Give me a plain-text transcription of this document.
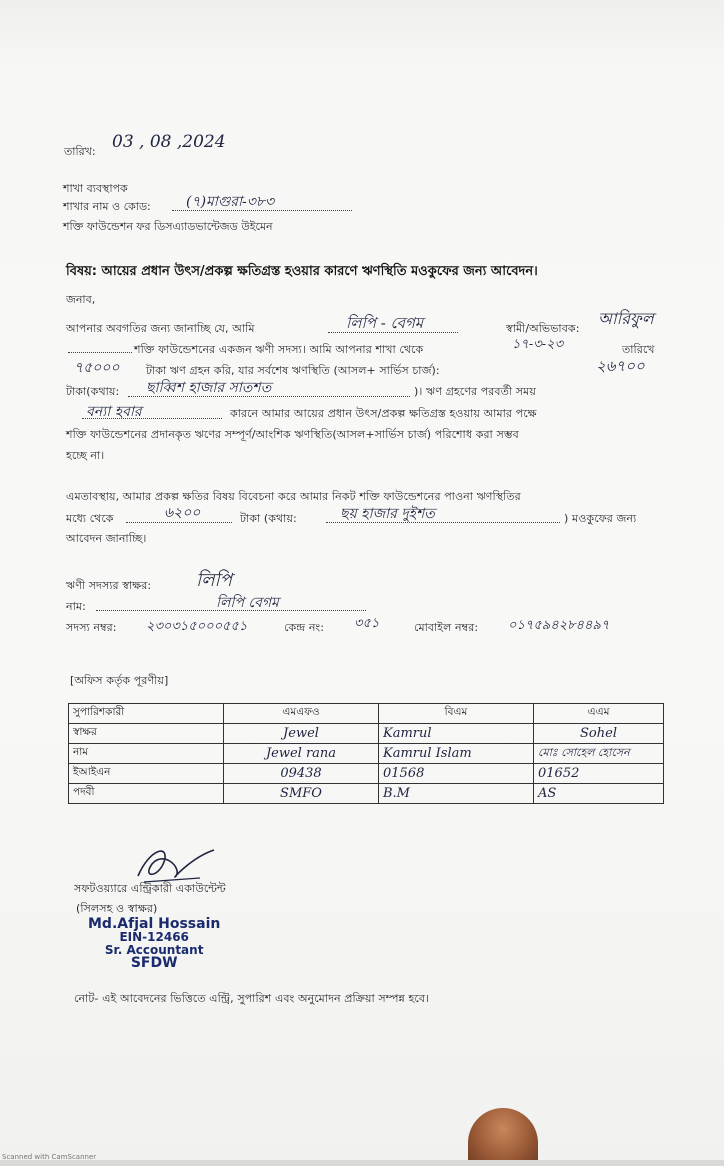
তারিখ: 03 , 08 ,2024
শাখা ব্যবস্থাপক
শাখার নাম ও কোড:	(৭)মাগুরা-৩৮৩
শক্তি ফাউন্ডেশন ফর ডিসএ্যাডভান্টেজড উইমেন
বিষয়: আয়ের প্রধান উৎস/প্রকল্প ক্ষতিগ্রস্ত হওয়ার কারণে ঋণস্থিতি মওকুফের জন্য আবেদন।
জনাব,
আপনার অবগতির জন্য জানাচ্ছি যে, আমি	লিপি - বেগম	স্বামী/অভিভাবক:
আরিফুল
শক্তি ফাউন্ডেশনের একজন ঋণী সদস্য। আমি আপনার শাখা থেকে	১৭-৩-২৩	তারিখে
৭৫০০০ টাকা ঋণ গ্রহন করি, যার সর্বশেষ ঋণস্থিতি (আসল+ সার্ভিস চার্জ):	২৬৭০০
টাকা(কথায়: ছাব্বিশ হাজার সাতশত	)। ঋণ গ্রহণের পরবর্তী সময়
বন্যা হবার	কারনে আমার আয়ের প্রধান উৎস/প্রকল্প ক্ষতিগ্রস্ত হওয়ায় আমার পক্ষে
শক্তি ফাউন্ডেশনের প্রদানকৃত ঋণের সম্পূর্ণ/আংশিক ঋণস্থিতি(আসল+সার্ভিস চার্জ) পরিশোধ করা সম্ভব
হচ্ছে না।
এমতাবস্থায়, আমার প্রকল্প ক্ষতির বিষয় বিবেচনা করে আমার নিকট শক্তি ফাউন্ডেশনের পাওনা ঋণস্থিতির
মধ্যে থেকে	৬২০০	টাকা (কথায়:	ছয় হাজার দুইশত	) মওকুফের জন্য
আবেদন জানাচ্ছি।
ঋণী সদস্যর স্বাক্ষর: লিপি
নাম:	লিপি বেগম
সদস্য নম্বর: ২৩০৩১৫০০০৫৫১	কেন্দ্র নং: ৩৫১	মোবাইল নম্বর: ০১৭৫৯৪২৮৪৪৯৭
[অফিস কর্তৃক পূরণীয়]
সুপারিশকারী	এমএফও	বিএম	এএম
স্বাক্ষর	Jewel	Kamrul	Sohel
নাম	Jewel rana	Kamrul Islam	মোঃ সোহেল হোসেন
ইআইএন	09438	01568	01652
পদবী	SMFO	B.M	AS
সফটওয়্যারে এন্ট্রিকারী একাউন্টেন্ট
(সিলসহ ও স্বাক্ষর)
Md.Afjal Hossain
EIN-12466
Sr. Accountant
SFDW
নোট- এই আবেদনের ভিত্তিতে এন্ট্রি, সুপারিশ এবং অনুমোদন প্রক্রিয়া সম্পন্ন হবে।
Scanned with CamScanner
